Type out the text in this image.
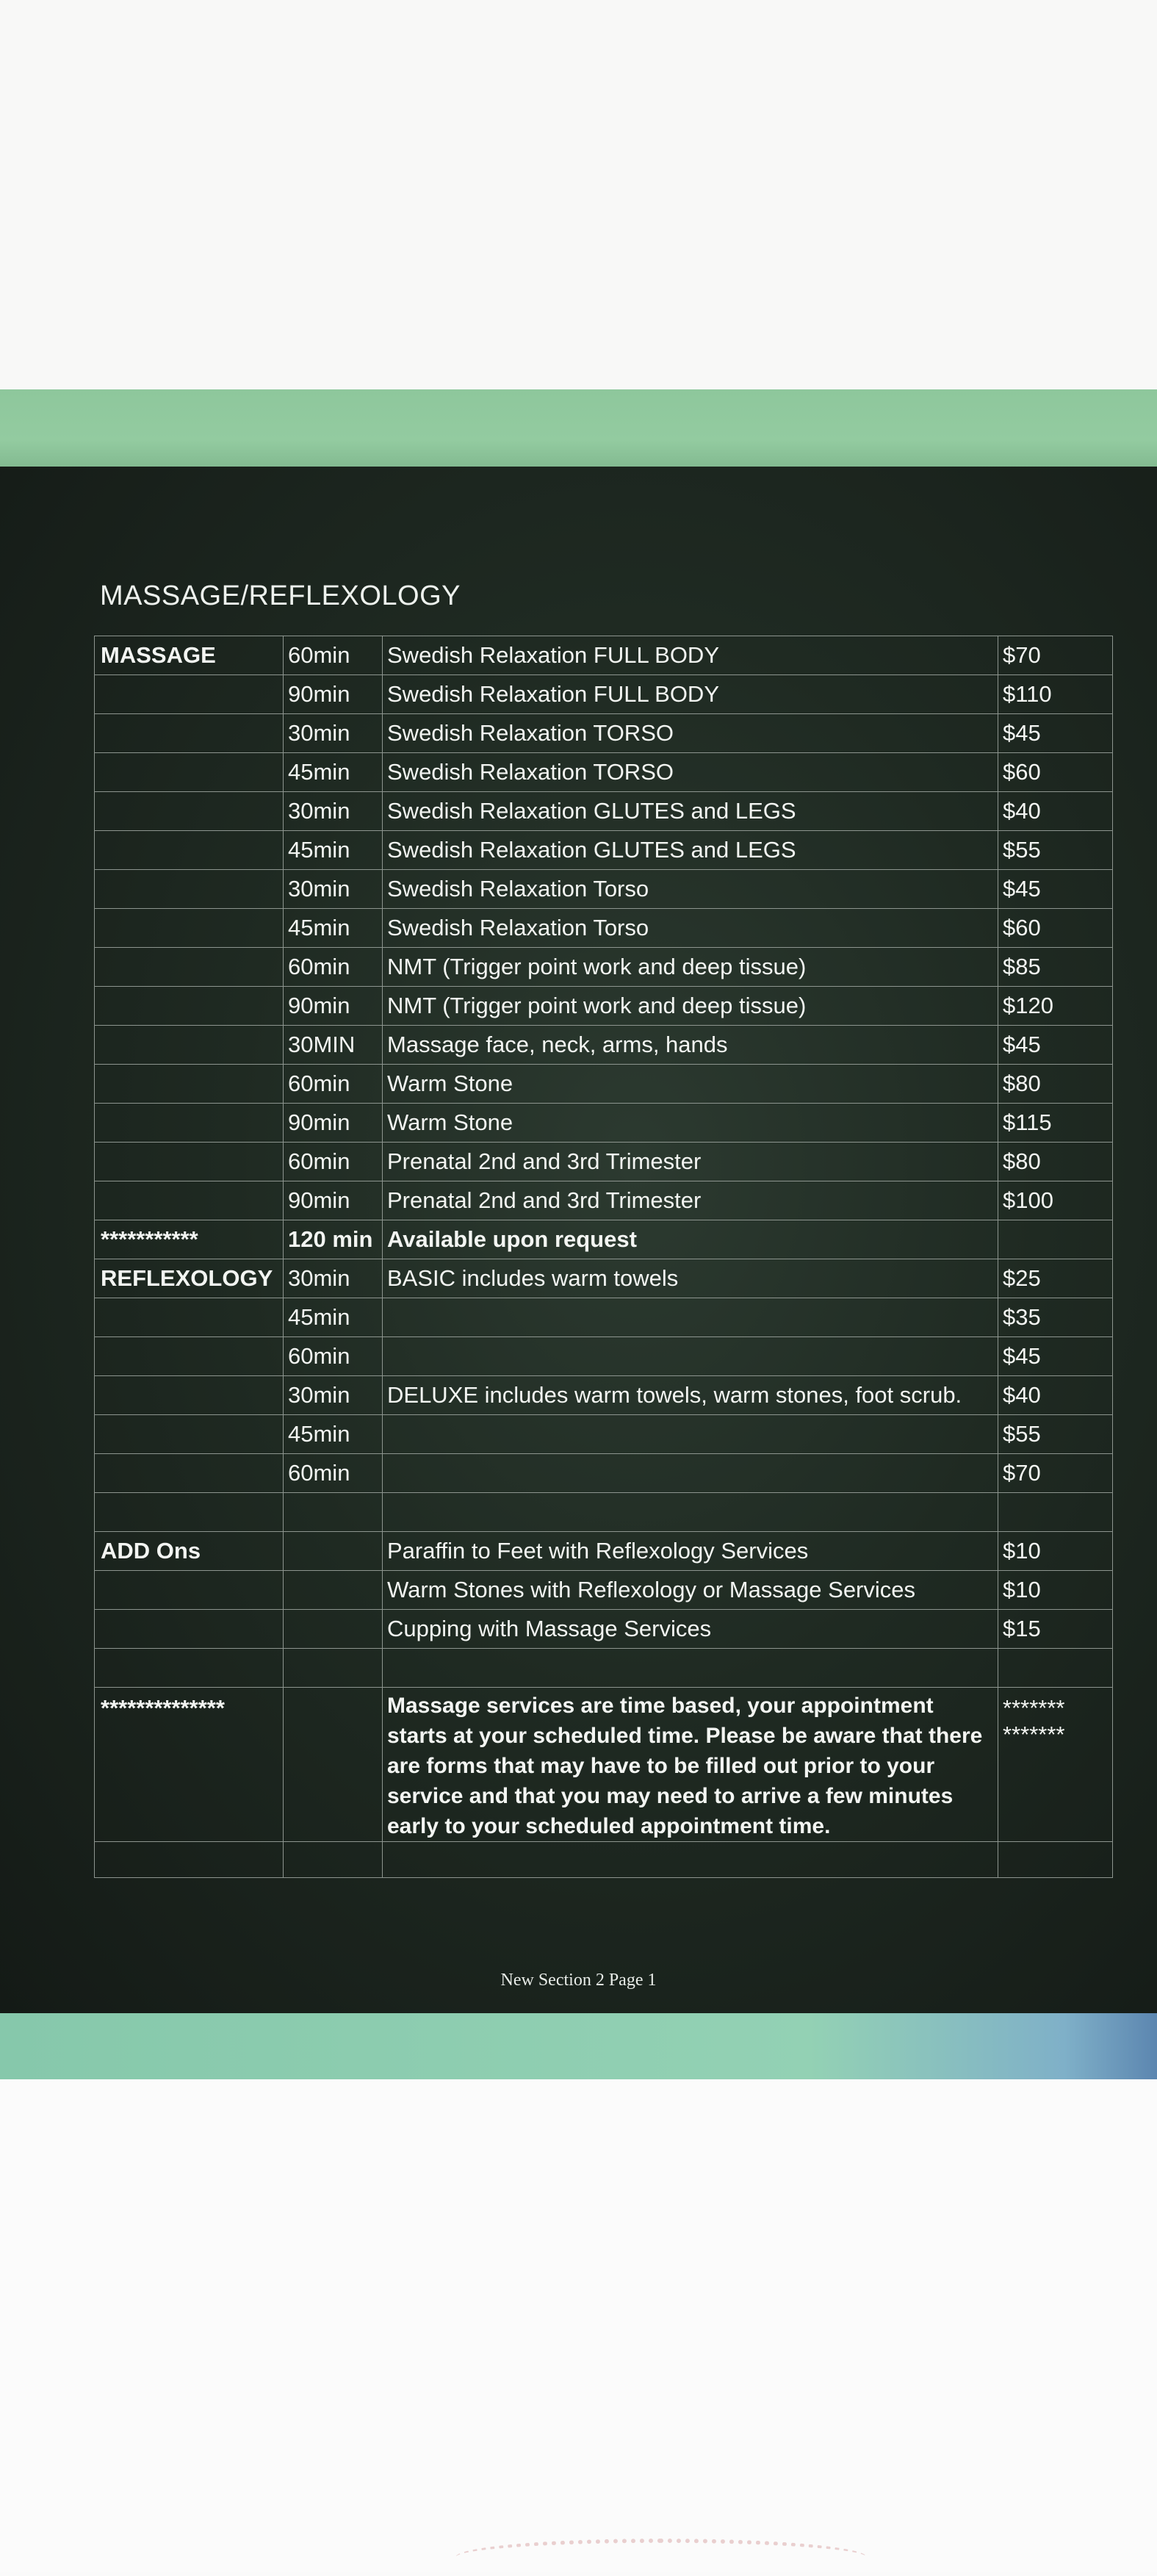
MASSAGE/REFLEXOLOGY
MASSAGE	60min	Swedish Relaxation FULL BODY	$70
	90min	Swedish Relaxation FULL BODY	$110
	30min	Swedish Relaxation TORSO	$45
	45min	Swedish Relaxation TORSO	$60
	30min	Swedish Relaxation GLUTES and LEGS	$40
	45min	Swedish Relaxation GLUTES and LEGS	$55
	30min	Swedish Relaxation Torso	$45
	45min	Swedish Relaxation Torso	$60
	60min	NMT (Trigger point work and deep tissue)	$85
	90min	NMT (Trigger point work and deep tissue)	$120
	30MIN	Massage face, neck, arms, hands	$45
	60min	Warm Stone	$80
	90min	Warm Stone	$115
	60min	Prenatal 2nd and 3rd Trimester	$80
	90min	Prenatal 2nd and 3rd Trimester	$100
***********	120 min	Available upon request	
REFLEXOLOGY	30min	BASIC includes warm towels	$25
	45min		$35
	60min		$45
	30min	DELUXE includes warm towels, warm stones, foot scrub.	$40
	45min		$55
	60min		$70

ADD Ons		Paraffin to Feet with Reflexology Services	$10
		Warm Stones with Reflexology or Massage Services	$10
		Cupping with Massage Services	$15

**************		Massage services are time based, your appointment starts at your scheduled time. Please be aware that there are forms that may have to be filled out prior to your service and that you may need to arrive a few minutes early to your scheduled appointment time.	*******
*******

New Section 2 Page 1
